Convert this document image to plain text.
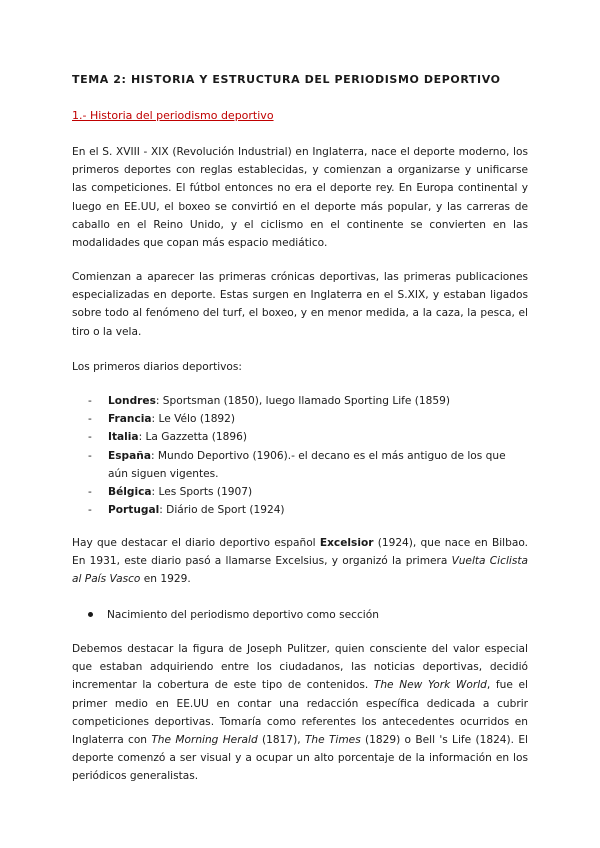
TEMA 2: HISTORIA Y ESTRUCTURA DEL PERIODISMO DEPORTIVO
1.- Historia del periodismo deportivo
En el S. XVIII - XIX (Revolución Industrial) en Inglaterra, nace el deporte moderno, los primeros deportes con reglas establecidas, y comienzan a organizarse y unificarse las competiciones. El fútbol entonces no era el deporte rey. En Europa continental y luego en EE.UU, el boxeo se convirtió en el deporte más popular, y las carreras de caballo en el Reino Unido, y el ciclismo en el continente se convierten en las modalidades que copan más espacio mediático.
Comienzan a aparecer las primeras crónicas deportivas, las primeras publicaciones especializadas en deporte. Estas surgen en Inglaterra en el S.XIX, y estaban ligados sobre todo al fenómeno del turf, el boxeo, y en menor medida, a la caza, la pesca, el tiro o la vela.
Los primeros diarios deportivos:
- Londres: Sportsman (1850), luego llamado Sporting Life (1859)
- Francia: Le Vélo (1892)
- Italia: La Gazzetta (1896)
- España: Mundo Deportivo (1906).- el decano es el más antiguo de los que aún siguen vigentes.
- Bélgica: Les Sports (1907)
- Portugal: Diário de Sport (1924)
Hay que destacar el diario deportivo español Excelsior (1924), que nace en Bilbao. En 1931, este diario pasó a llamarse Excelsius, y organizó la primera Vuelta Ciclista al País Vasco en 1929.
Nacimiento del periodismo deportivo como sección
Debemos destacar la figura de Joseph Pulitzer, quien consciente del valor especial que estaban adquiriendo entre los ciudadanos, las noticias deportivas, decidió incrementar la cobertura de este tipo de contenidos. The New York World, fue el primer medio en EE.UU en contar una redacción específica dedicada a cubrir competiciones deportivas. Tomaría como referentes los antecedentes ocurridos en Inglaterra con The Morning Herald (1817), The Times (1829) o Bell 's Life (1824). El deporte comenzó a ser visual y a ocupar un alto porcentaje de la información en los periódicos generalistas.
